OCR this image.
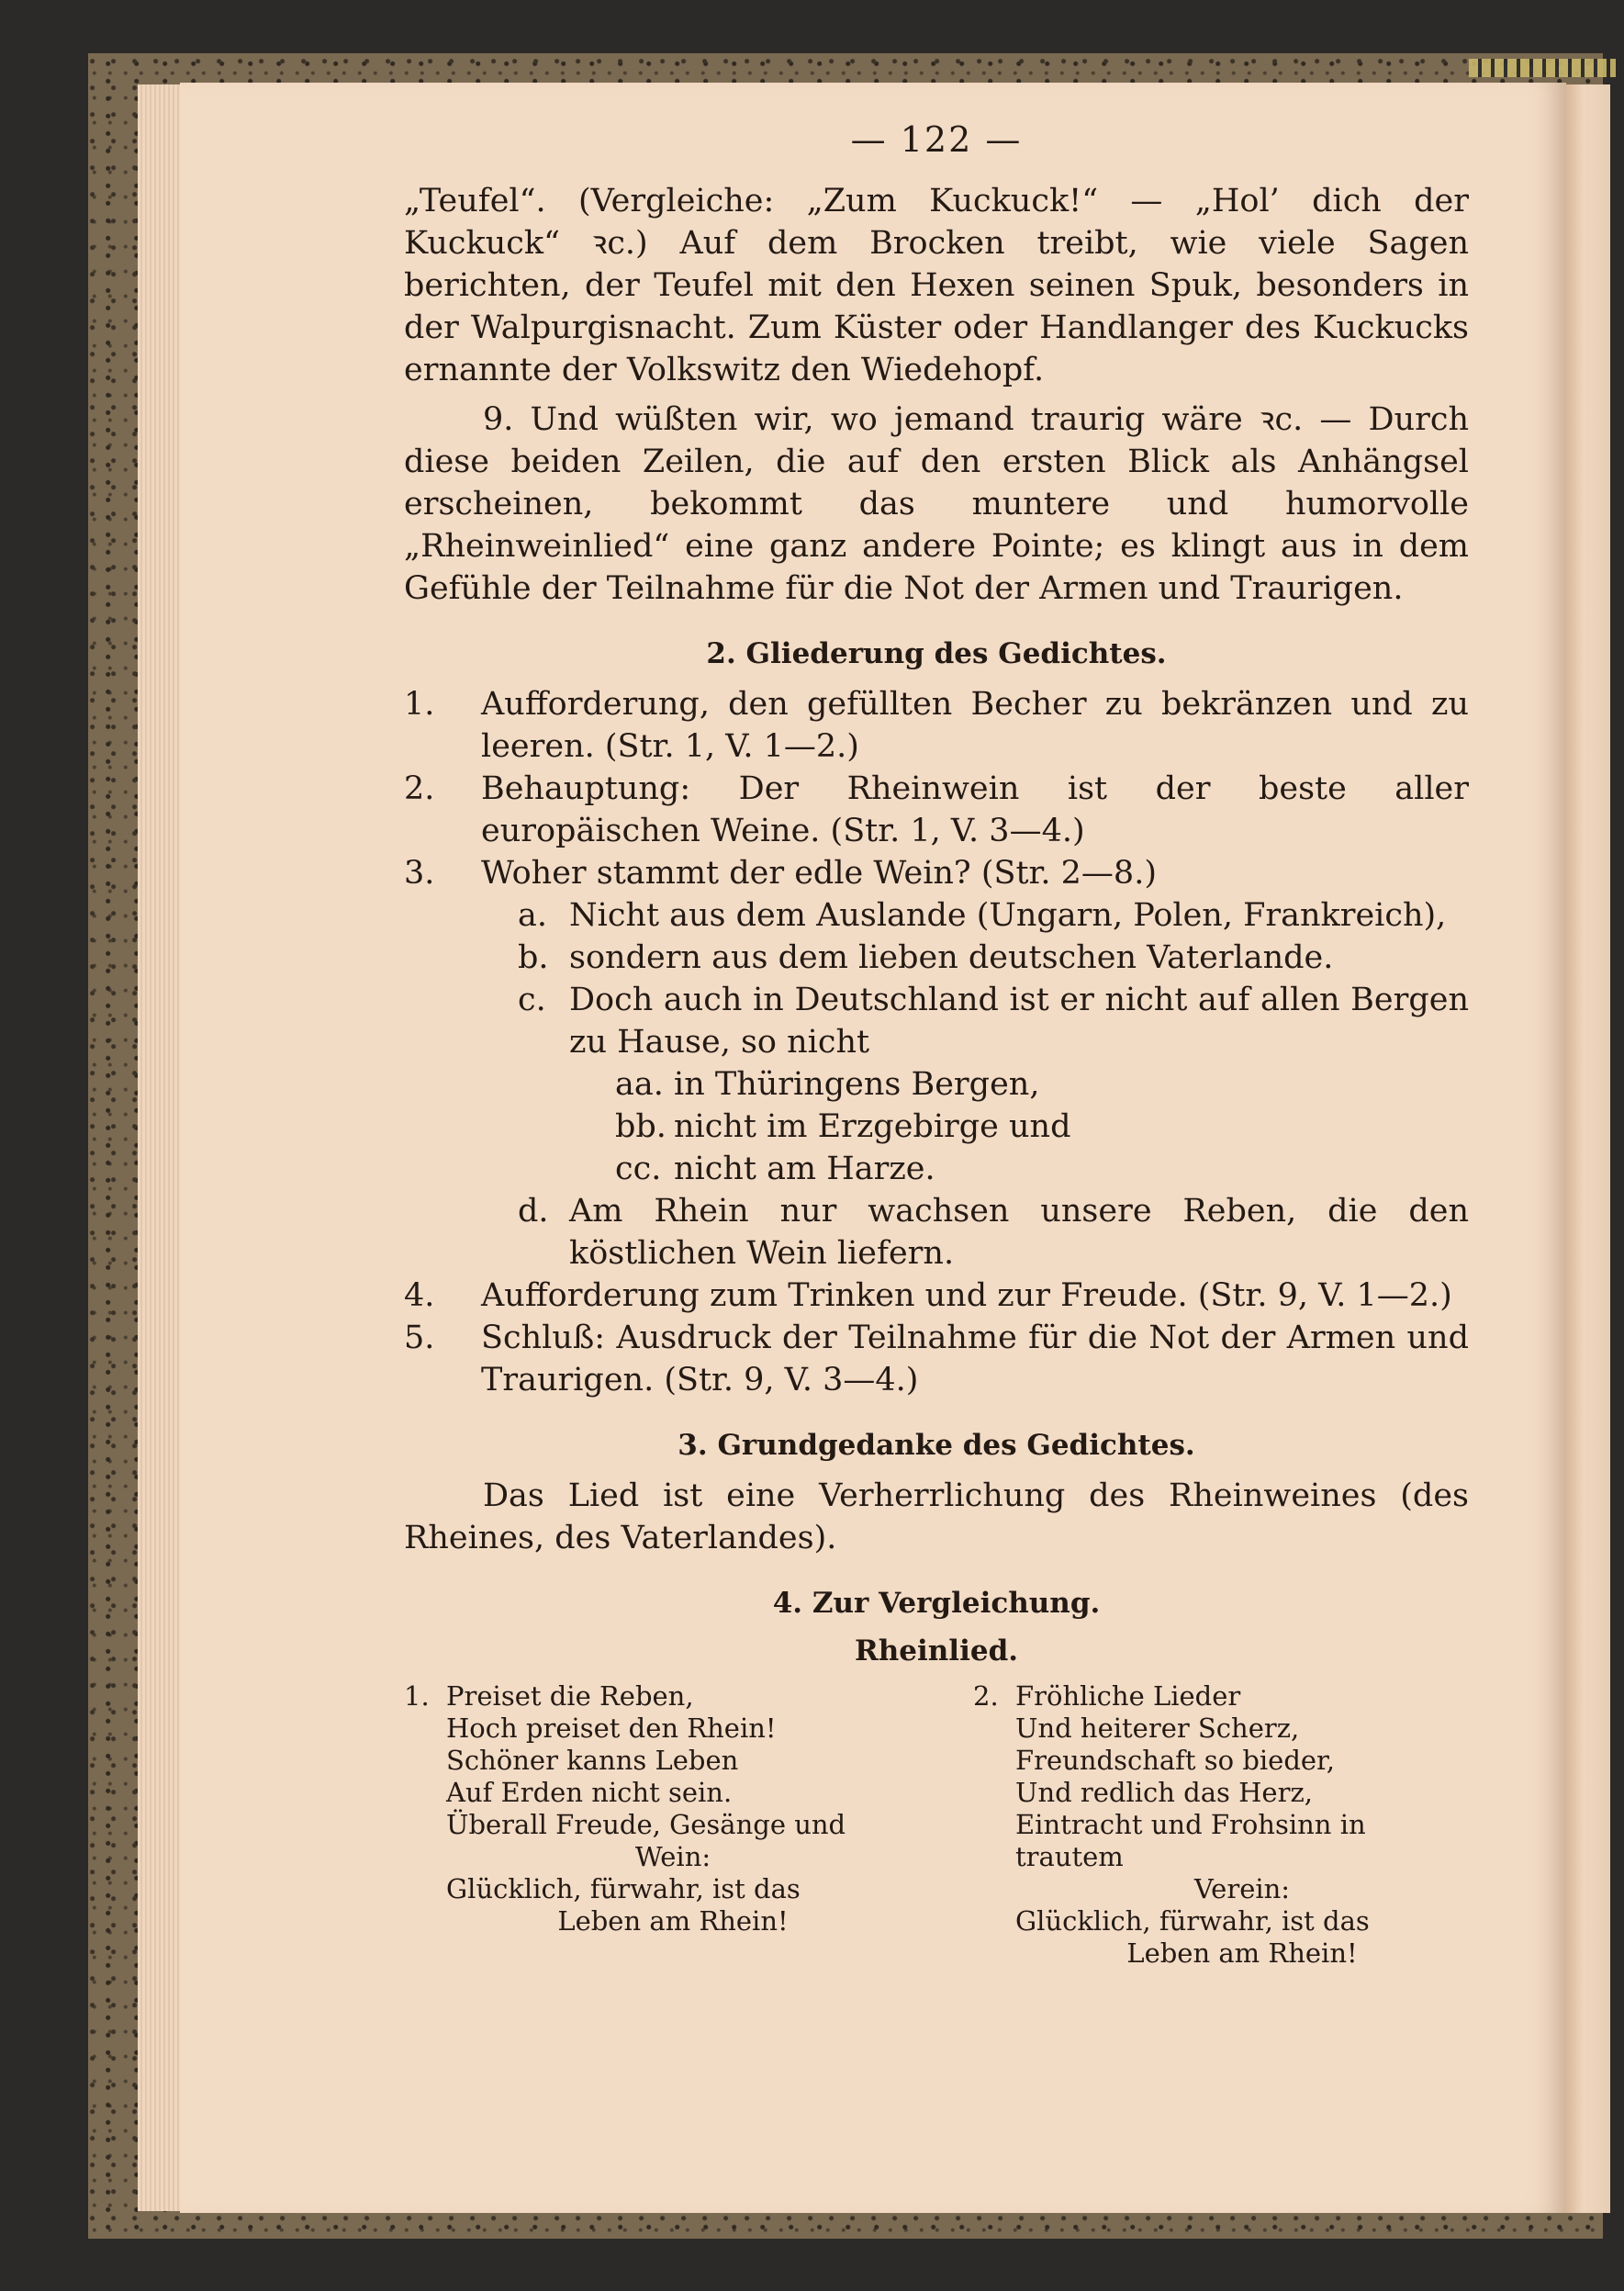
— 122 —

„Teufel“. (Vergleiche: „Zum Kuckuck!“ — „Hol’ dich der Kuckuck“ ꝛc.) Auf dem Brocken treibt, wie viele Sagen berichten, der Teufel mit den Hexen seinen Spuk, besonders in der Walpurgisnacht. Zum Küster oder Handlanger des Kuckucks ernannte der Volkswitz den Wiedehopf.

9. Und wüßten wir, wo jemand traurig wäre ꝛc. — Durch diese beiden Zeilen, die auf den ersten Blick als Anhängsel erscheinen, bekommt das muntere und humorvolle „Rheinweinlied“ eine ganz andere Pointe; es klingt aus in dem Gefühle der Teilnahme für die Not der Armen und Traurigen.

2. Gliederung des Gedichtes.
1.	Aufforderung, den gefüllten Becher zu bekränzen und zu leeren. (Str. 1, V. 1—2.)
2.	Behauptung: Der Rheinwein ist der beste aller europäischen Weine. (Str. 1, V. 3—4.)
3.	Woher stammt der edle Wein? (Str. 2—8.)
a. Nicht aus dem Auslande (Ungarn, Polen, Frankreich),
b. sondern aus dem lieben deutschen Vaterlande.
c. Doch auch in Deutschland ist er nicht auf allen Bergen zu Hause, so nicht
aa. in Thüringens Bergen,
bb. nicht im Erzgebirge und
cc. nicht am Harze.
d. Am Rhein nur wachsen unsere Reben, die den köstlichen Wein liefern.
4.	Aufforderung zum Trinken und zur Freude. (Str. 9, V. 1—2.)
5.	Schluß: Ausdruck der Teilnahme für die Not der Armen und Traurigen. (Str. 9, V. 3—4.)
3. Grundgedanke des Gedichtes.

Das Lied ist eine Verherrlichung des Rheinweines (des Rheines, des Vaterlandes).

4. Zur Vergleichung.
Rheinlied.
1. Preiset die Reben,
Hoch preiset den Rhein!
Schöner kanns Leben
Auf Erden nicht sein.
Überall Freude, Gesänge und
Wein:
Glücklich, fürwahr, ist das
Leben am Rhein!
2. Fröhliche Lieder
Und heiterer Scherz,
Freundschaft so bieder,
Und redlich das Herz,
Eintracht und Frohsinn in trautem
Verein:
Glücklich, fürwahr, ist das
Leben am Rhein!
